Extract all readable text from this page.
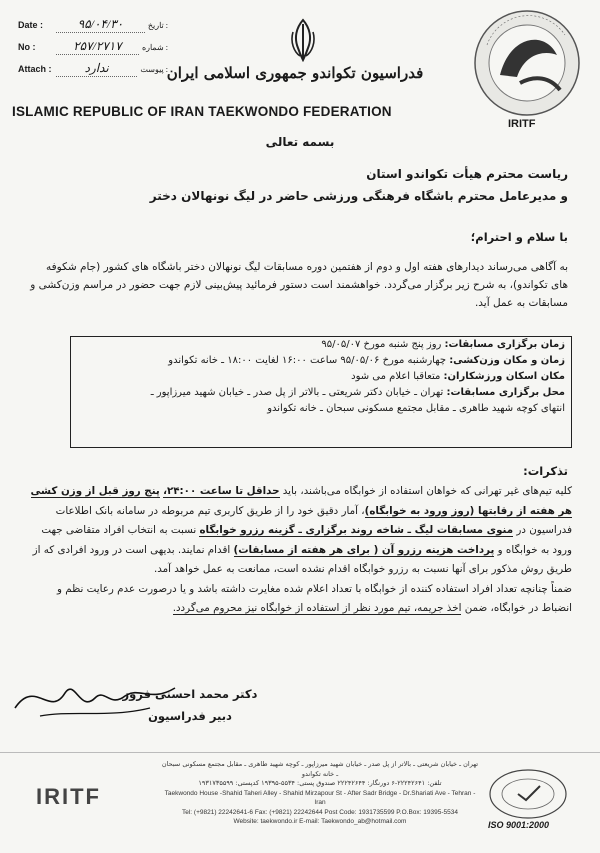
Date :	۹۵/۰۴/۳۰	تاریخ :
No :	۲۵۷/۲۷۱۷	شماره :
Attach :	ندارد	پیوست :
فدراسیون تکواندو جمهوری اسلامی ایران
ISLAMIC REPUBLIC OF IRAN TAEKWONDO FEDERATION
IRITF
بسمه تعالی
ریاست محترم هیأت تکواندو استان
و مدیرعامل محترم باشگاه فرهنگی ورزشی حاضر در لیگ نونهالان دختر
با سلام و احترام؛
به آگاهی می‌رساند دیدارهای هفته اول و دوم از هفتمین دوره مسابقات لیگ نونهالان دختر باشگاه های کشور (جام شکوفه های تکواندو)، به شرح زیر برگزار می‌گردد. خواهشمند است دستور فرمائید پیش‌بینی لازم جهت حضور در مراسم وزن‌کشی و مسابقات به عمل آید.
زمان برگزاری مسابقات: روز پنج شنبه مورخ ۹۵/۰۵/۰۷
زمان و مکان وزن‌کشی: چهارشنبه مورخ ۹۵/۰۵/۰۶ ساعت ۱۶:۰۰ لغایت ۱۸:۰۰ ـ خانه تکواندو
مکان اسکان ورزشکاران: متعاقبا اعلام می شود
محل برگزاری مسابقات: تهران ـ خیابان دکتر شریعتی ـ بالاتر از پل صدر ـ خیابان شهید میرزاپور ـ
انتهای کوچه شهید طاهری ـ مقابل مجتمع مسکونی سبحان ـ خانه تکواندو
تذکرات:
کلیه تیم‌های غیر تهرانی که خواهان استفاده از خوابگاه می‌باشند، باید حداقل تا ساعت ۲۴:۰۰، پنج روز قبل از وزن کشی هر هفته از رقابتها (روز ورود به خوابگاه)، آمار دقیق خود را از طریق کاربری تیم مربوطه در سامانه بانک اطلاعات فدراسیون در منوی مسابقات لیگ ـ شاخه روند برگزاری ـ گزینه رزرو خوابگاه نسبت به انتخاب افراد متقاضی جهت ورود به خوابگاه و پرداخت هزینه رزرو آن ( برای هر هفته از مسابقات) اقدام نمایند. بدیهی است در ورود افرادی که از طریق روش مذکور برای آنها نسبت به رزرو خوابگاه اقدام نشده است، ممانعت به عمل خواهد آمد.
ضمناً چنانچه تعداد افراد استفاده کننده از خوابگاه با تعداد اعلام شده مغایرت داشته باشد و یا درصورت عدم رعایت نظم و انضباط در خوابگاه، ضمن اخذ جریمه، تیم مورد نظر از استفاده از خوابگاه نیز محروم می‌گردد.
دکتر محمد احسنی فروز
دبیر فدراسیون
IRITF
تهران ـ خیابان شریعتی ـ بالاتر از پل صدر ـ خیابان شهید میرزاپور ـ کوچه شهید طاهری ـ مقابل مجتمع مسکونی سبحان ـ خانه تکواندو
تلفن: ۲۲۲۴۲۶۴۱-۶ دورنگار: ۲۲۲۴۲۶۴۴ صندوق پستی: ۵۵۳۴-۱۹۳۹۵ کدپستی: ۱۹۳۱۷۳۵۵۹۹
Taekwondo House -Shahid Taheri Alley - Shahid Mirzapour St - After Sadr Bridge - Dr.Shariati Ave - Tehran - Iran
Tel: (+9821) 22242641-6 Fax: (+9821) 22242644 Post Code: 1931735599 P.O.Box: 19395-5534
Website: taekwondo.ir E-mail: Taekwondo_ab@hotmail.com	ISO 9001:2000
